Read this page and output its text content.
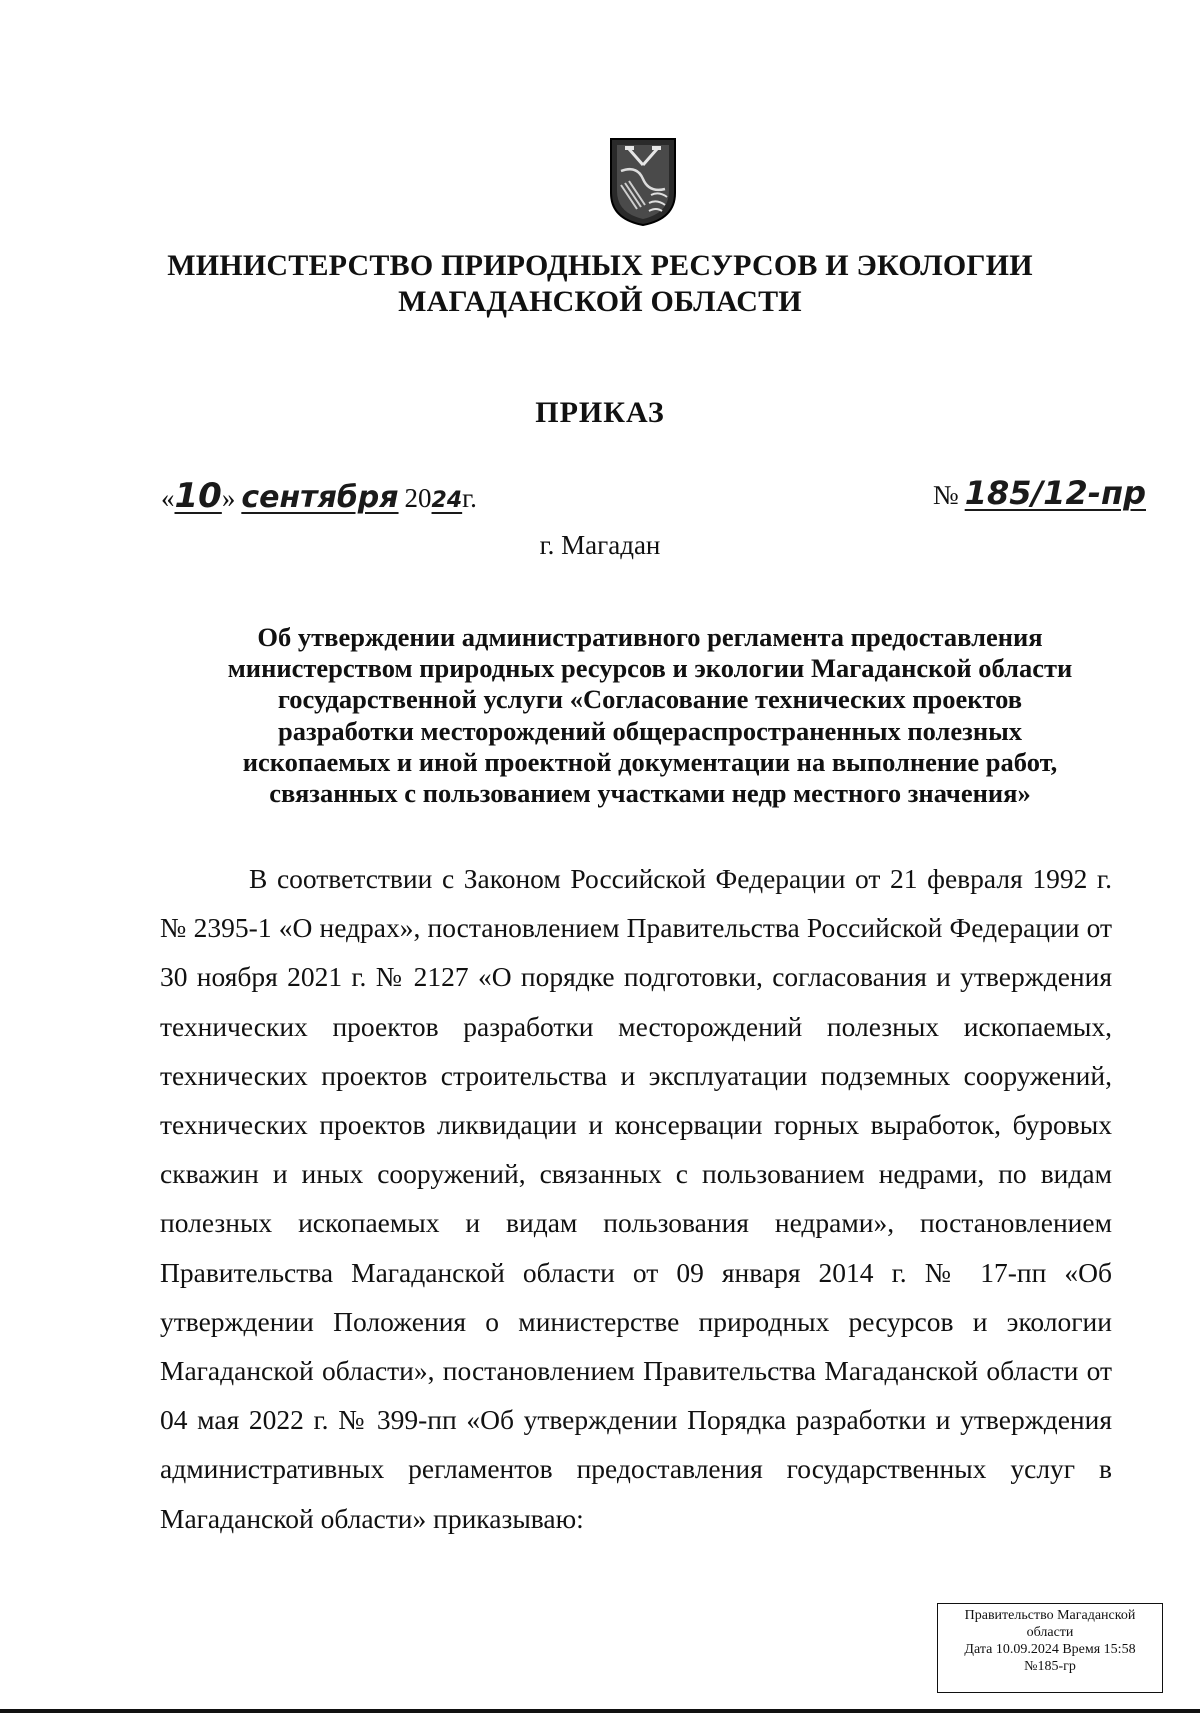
МИНИСТЕРСТВО ПРИРОДНЫХ РЕСУРСОВ И ЭКОЛОГИИ
МАГАДАНСКОЙ ОБЛАСТИ
ПРИКАЗ
«10» сентября 2024г.	№ 185/12-пр
г. Магадан
Об утверждении административного регламента предоставления
министерством природных ресурсов и экологии Магаданской области
государственной услуги «Согласование технических проектов
разработки месторождений общераспространенных полезных
ископаемых и иной проектной документации на выполнение работ,
связанных с пользованием участками недр местного значения»

В соответствии с Законом Российской Федерации от 21 февраля 1992 г. № 2395-1 «О недрах», постановлением Правительства Российской Федерации от 30 ноября 2021 г. № 2127 «О порядке подготовки, согласования и утверждения технических проектов разработки месторождений полезных ископаемых, технических проектов строительства и эксплуатации подземных сооружений, технических проектов ликвидации и консервации горных выработок, буровых скважин и иных сооружений, связанных с пользованием недрами, по видам полезных ископаемых и видам пользования недрами», постановлением Правительства Магаданской области от 09 января 2014 г. № 17-пп «Об утверждении Положения о министерстве природных ресурсов и экологии Магаданской области», постановлением Правительства Магаданской области от 04 мая 2022 г. № 399-пп «Об утверждении Порядка разработки и утверждения административных регламентов предоставления государственных услуг в Магаданской области» приказываю:

Правительство Магаданской
области
Дата 10.09.2024 Время 15:58
№185-гр
